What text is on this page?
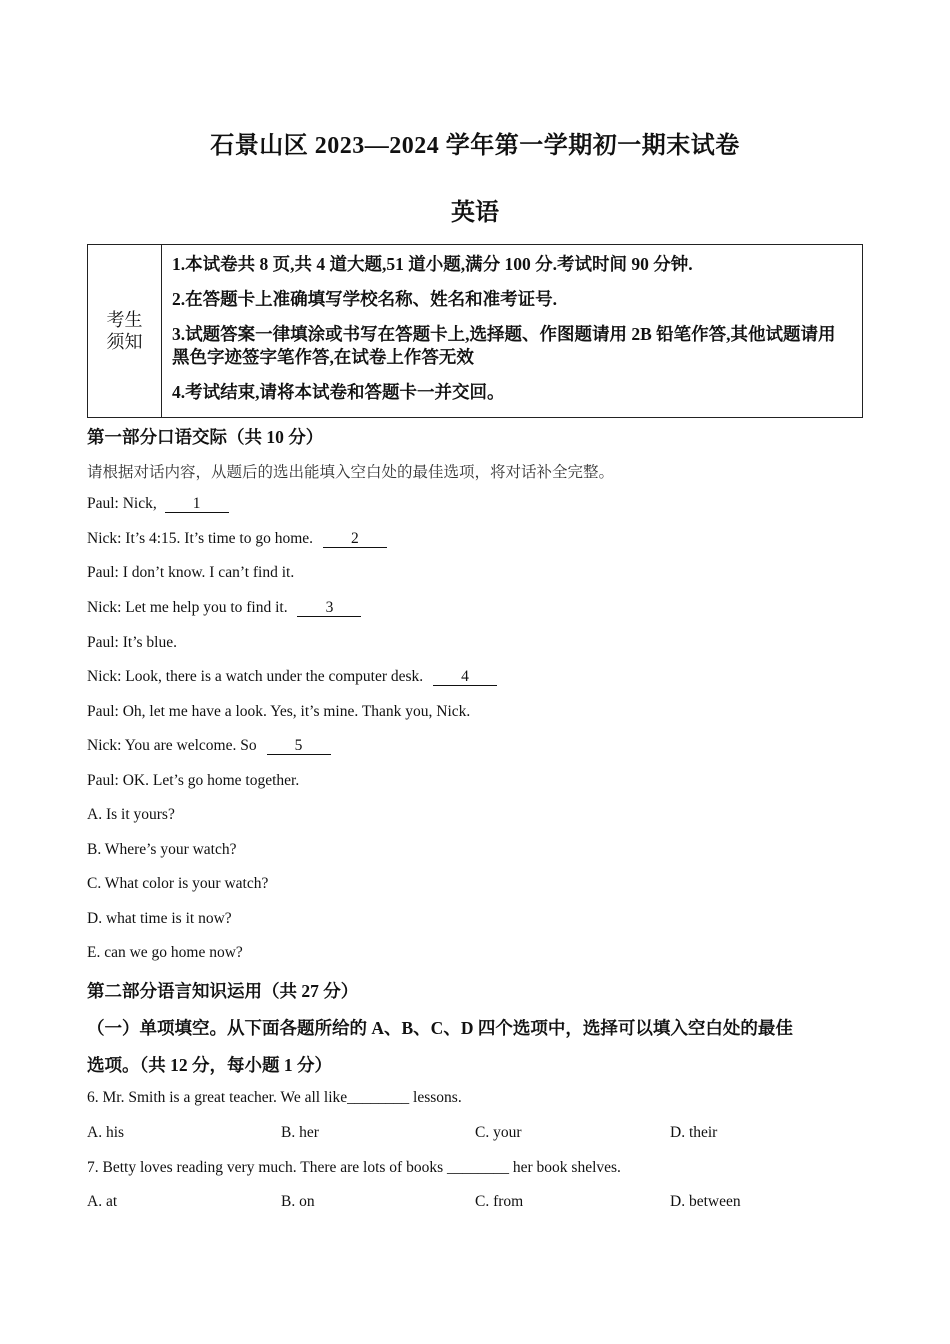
石景山区 2023—2024 学年第一学期初一期末试卷
英语
考生
须知
1.本试卷共 8 页,共 4 道大题,51 道小题,满分 100 分.考试时间 90 分钟.
2.在答题卡上准确填写学校名称、姓名和准考证号.
3.试题答案一律填涂或书写在答题卡上,选择题、作图题请用 2B 铅笔作答,其他试题请用黑色字迹签字笔作答,在试卷上作答无效
4.考试结束,请将本试卷和答题卡一并交回。
第一部分口语交际（共 10 分）
请根据对话内容，从题后的选出能填入空白处的最佳选项，将对话补全完整。
Paul: Nick, 1
Nick: It’s 4:15. It’s time to go home. 2
Paul: I don’t know. I can’t find it.
Nick: Let me help you to find it. 3
Paul: It’s blue.
Nick: Look, there is a watch under the computer desk. 4
Paul: Oh, let me have a look. Yes, it’s mine. Thank you, Nick.
Nick: You are welcome. So 5
Paul: OK. Let’s go home together.
A. Is it yours?
B. Where’s your watch?
C. What color is your watch?
D. what time is it now?
E. can we go home now?
第二部分语言知识运用（共 27 分）
（一）单项填空。从下面各题所给的 A、B、C、D 四个选项中，选择可以填入空白处的最佳
选项。（共 12 分，每小题 1 分）
6. Mr. Smith is a great teacher. We all like________ lessons.
A. his	B. her	C. your	D. their
7. Betty loves reading very much. There are lots of books ________ her book shelves.
A. at	B. on	C. from	D. between
